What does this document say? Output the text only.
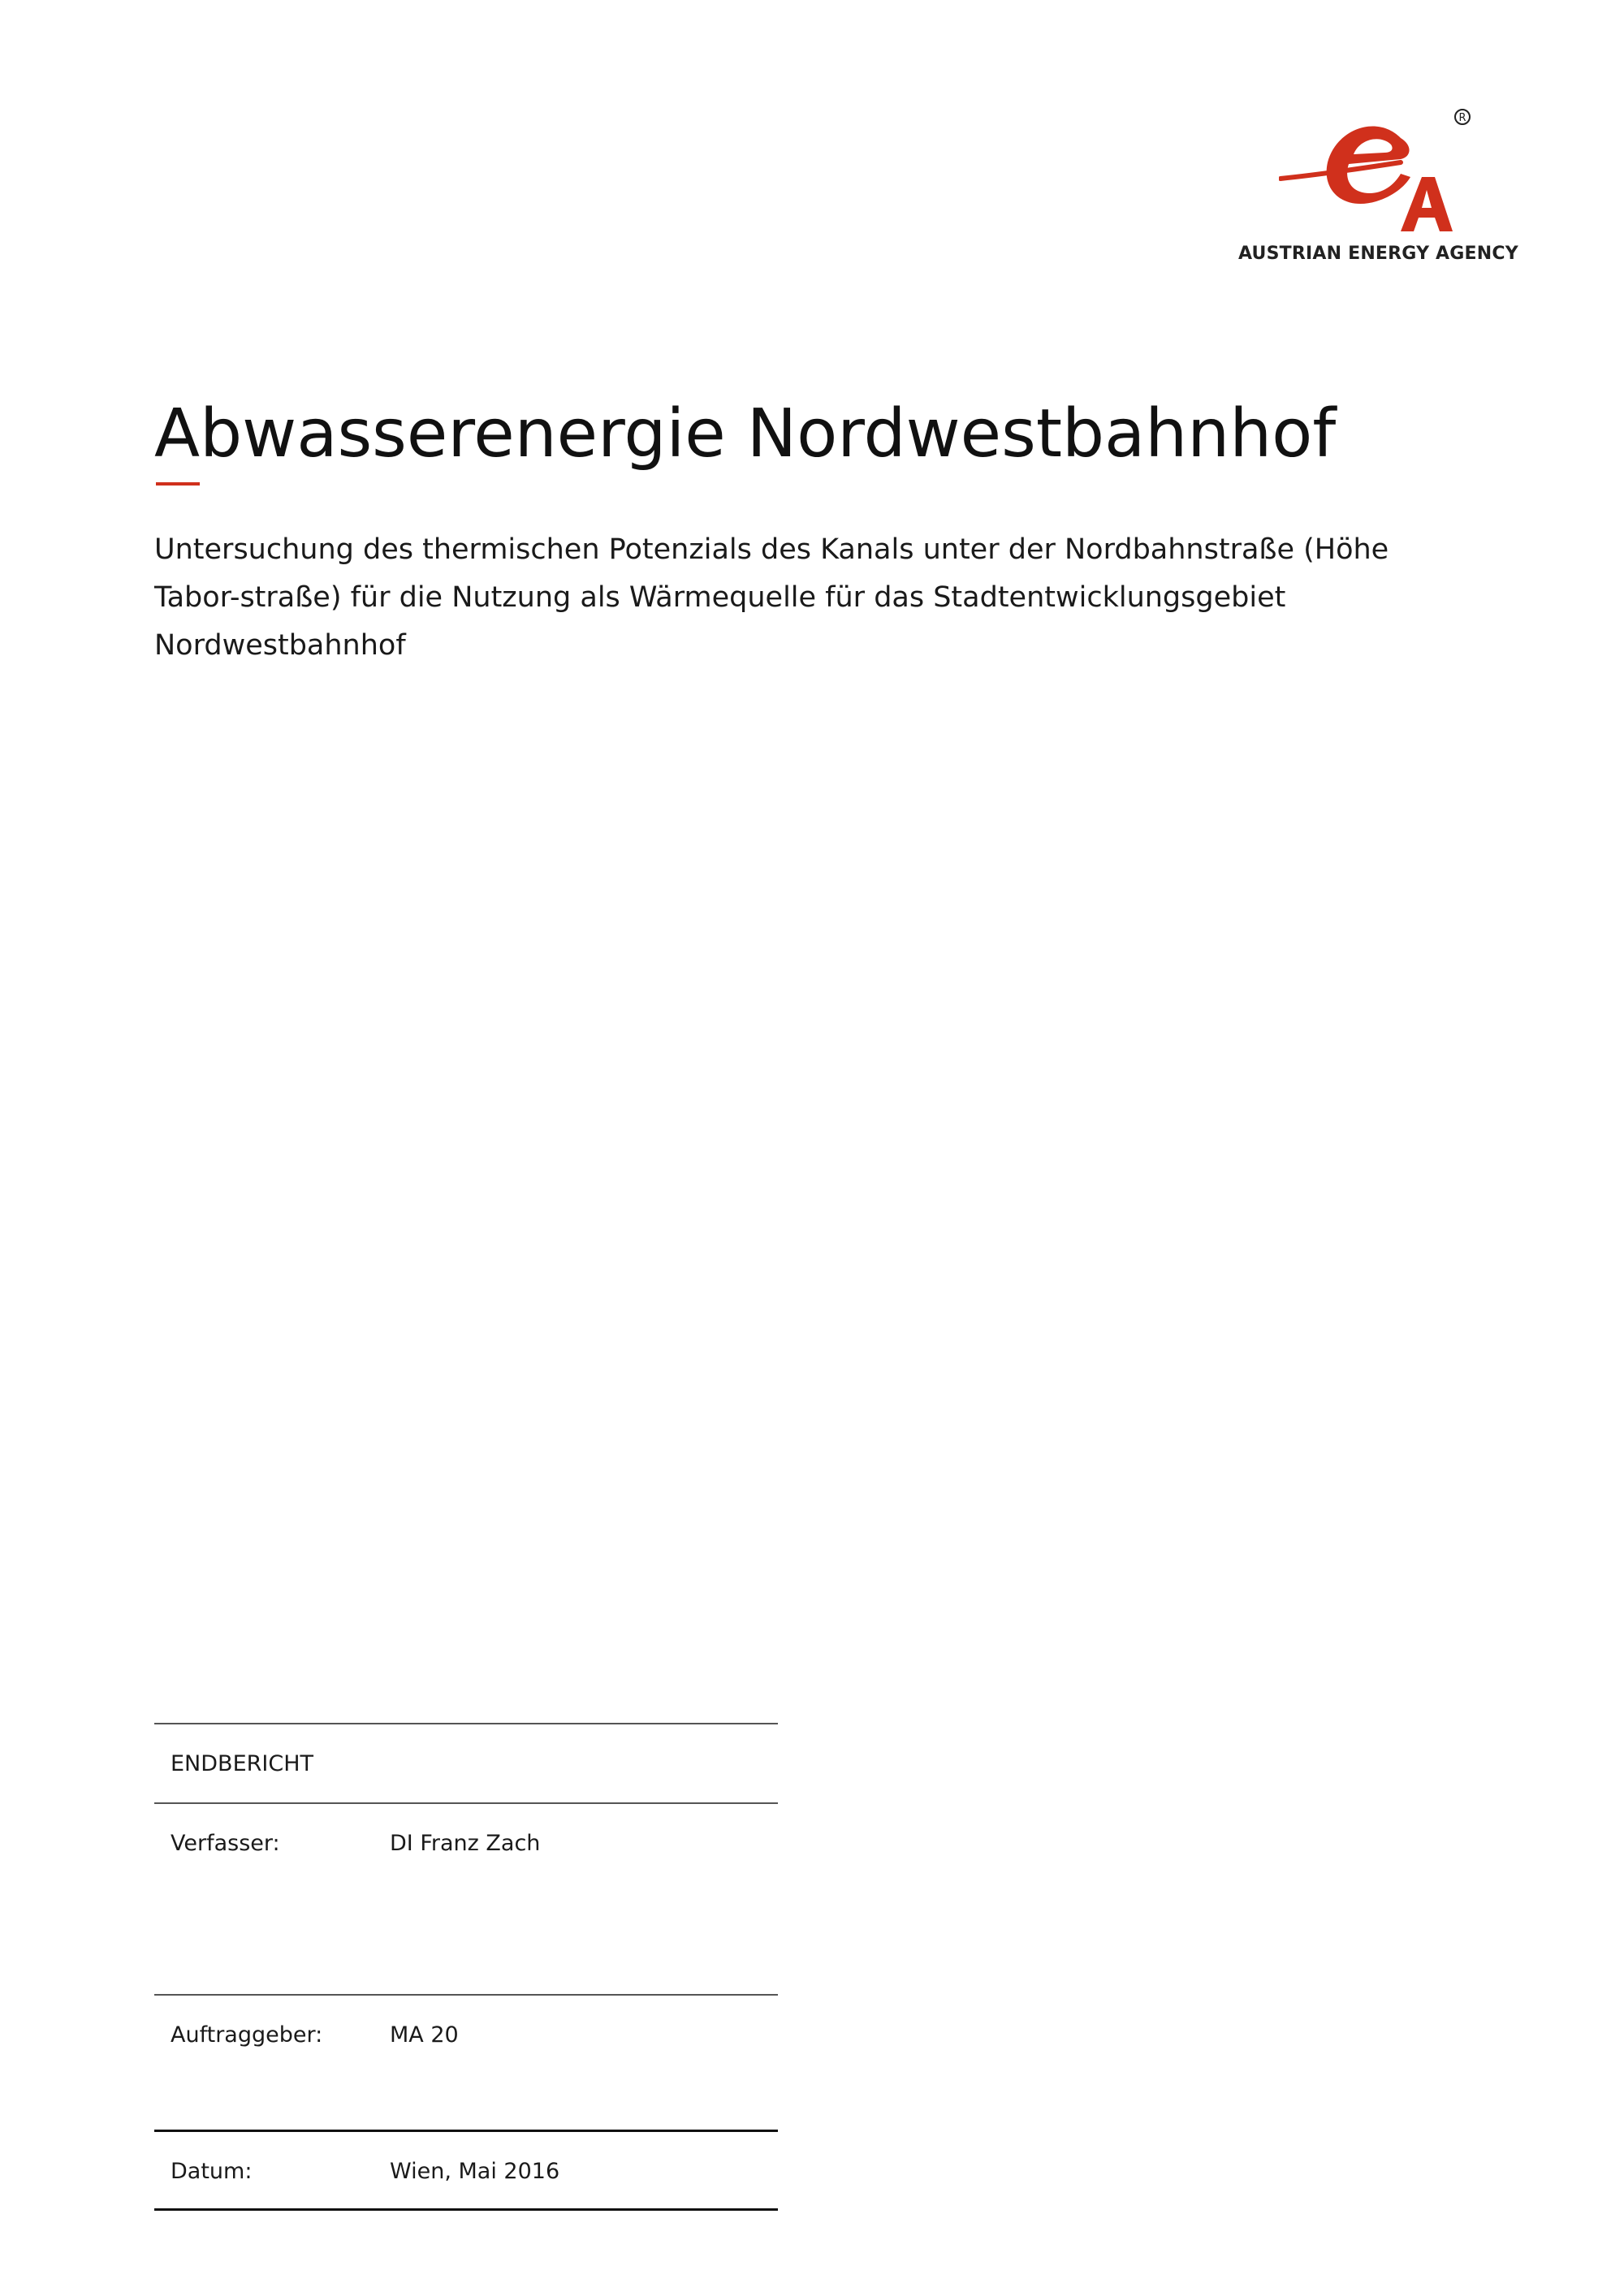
R
AUSTRIAN ENERGY AGENCY
Abwasserenergie Nordwestbahnhof

Untersuchung des thermischen Potenzials des Kanals unter der Nordbahnstraße (Höhe Tabor-straße) für die Nutzung als Wärmequelle für das Stadtentwicklungsgebiet Nordwestbahnhof

ENDBERICHT
Verfasser:	DI Franz Zach
Auftraggeber:	MA 20
Datum:	Wien, Mai 2016
